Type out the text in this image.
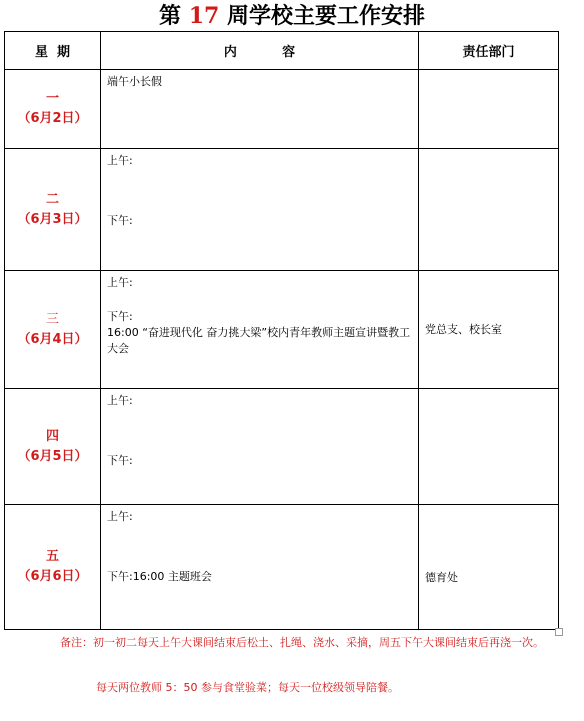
第 17 周学校主要工作安排
星  期	内          容	责任部门

一
（6月2日）	端午小长假	

二
（6月3日）	上午:
下午:	

三
（6月4日）	上午:
下午:
16:00 “奋进现代化 奋力挑大梁”校内青年教师主题宣讲暨教工大会	党总支、校长室

四
（6月5日）	上午:
下午:	

五
（6月6日）	上午:
下午:16:00 主题班会	德育处
备注：初一初二每天上午大课间结束后松土、扎绳、浇水、采摘，周五下午大课间结束后再浇一次。
每天两位教师 5：50 参与食堂验菜；每天一位校级领导陪餐。
